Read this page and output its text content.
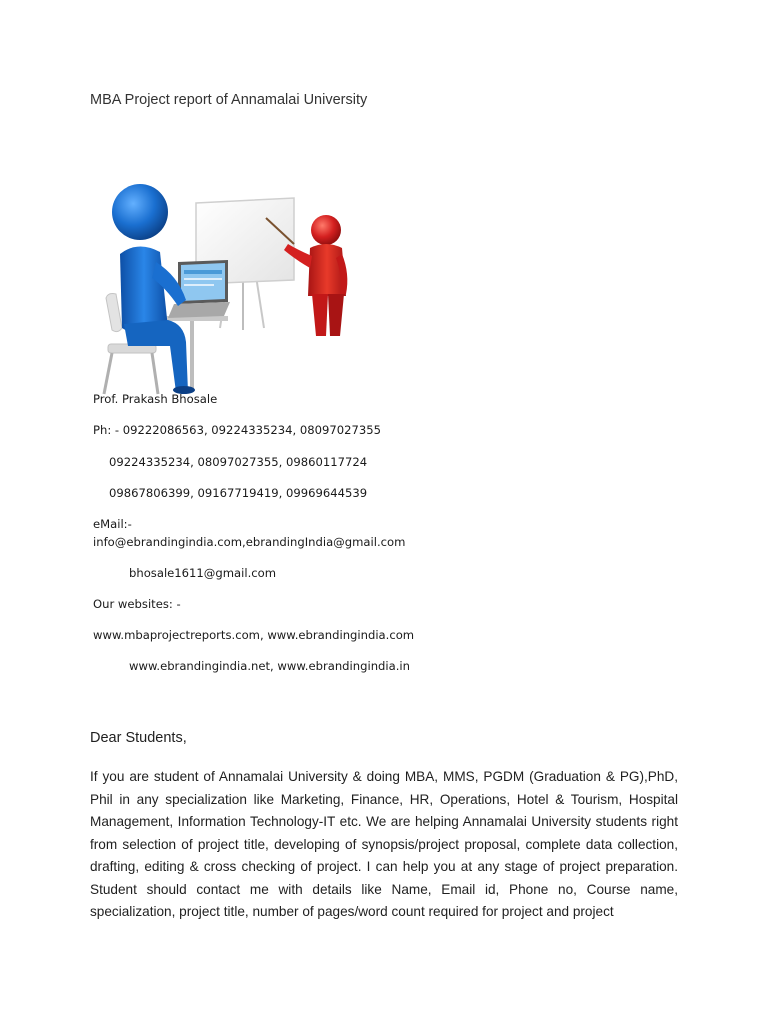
MBA Project report of Annamalai University
Prof. Prakash Bhosale
Ph: - 09222086563, 09224335234, 08097027355
09224335234, 08097027355, 09860117724
09867806399, 09167719419, 09969644539
eMail:-
info@ebrandingindia.com,ebrandingIndia@gmail.com
bhosale1611@gmail.com
Our websites: -
www.mbaprojectreports.com, www.ebrandingindia.com
www.ebrandingindia.net, www.ebrandingindia.in

Dear Students,

If you are student of Annamalai University & doing MBA, MMS, PGDM (Graduation & PG),PhD, Phil in any specialization like Marketing, Finance, HR, Operations, Hotel & Tourism, Hospital Management, Information Technology-IT etc. We are helping Annamalai University students right from selection of project title, developing of synopsis/project proposal, complete data collection, drafting, editing & cross checking of project. I can help you at any stage of project preparation. Student should contact me with details like Name, Email id, Phone no, Course name, specialization, project title, number of pages/word count required for project and project
